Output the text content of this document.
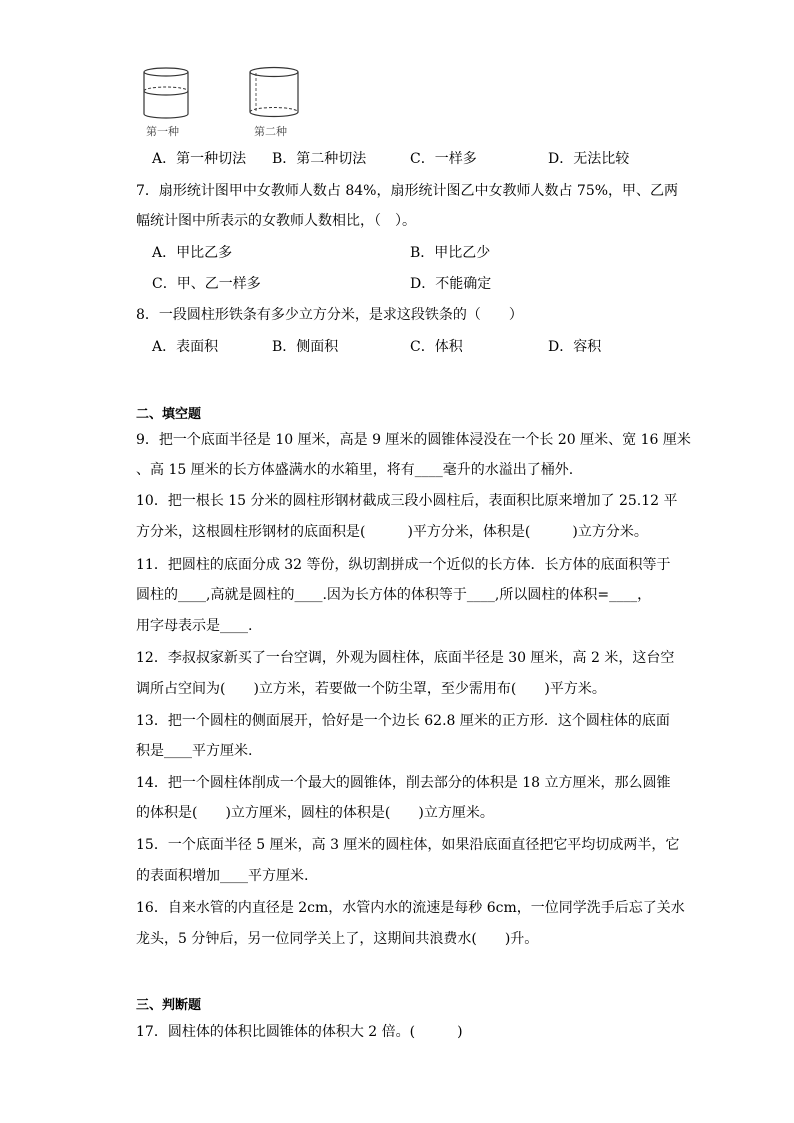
第一种	第二种
A．第一种切法 B．第二种切法	C．一样多	D．无法比较
7．扇形统计图甲中女教师人数占 84%，扇形统计图乙中女教师人数占 75%，甲、乙两
幅统计图中所表示的女教师人数相比，（　）。
A．甲比乙多	B．甲比乙少
C．甲、乙一样多	D．不能确定
8．一段圆柱形铁条有多少立方分米，是求这段铁条的（　　）
A．表面积	B．侧面积	C．体积	D．容积
二、填空题
9．把一个底面半径是 10 厘米，高是 9 厘米的圆锥体浸没在一个长 20 厘米、宽 16 厘米
、高 15 厘米的长方体盛满水的水箱里，将有____毫升的水溢出了桶外.
10．把一根长 15 分米的圆柱形钢材截成三段小圆柱后，表面积比原来增加了 25.12 平
方分米，这根圆柱形钢材的底面积是(　　　)平方分米，体积是(　　　)立方分米。
11．把圆柱的底面分成 32 等份，纵切割拼成一个近似的长方体．长方体的底面积等于
圆柱的____,高就是圆柱的____.因为长方体的体积等于____,所以圆柱的体积=____，
用字母表示是____.
12．李叔叔家新买了一台空调，外观为圆柱体，底面半径是 30 厘米，高 2 米，这台空
调所占空间为(　　)立方米，若要做一个防尘罩，至少需用布(　　)平方米。
13．把一个圆柱的侧面展开，恰好是一个边长 62.8 厘米的正方形．这个圆柱体的底面
积是____平方厘米.
14．把一个圆柱体削成一个最大的圆锥体，削去部分的体积是 18 立方厘米，那么圆锥
的体积是(　　)立方厘米，圆柱的体积是(　　)立方厘米。
15．一个底面半径 5 厘米，高 3 厘米的圆柱体，如果沿底面直径把它平均切成两半，它
的表面积增加____平方厘米.
16．自来水管的内直径是 2cm，水管内水的流速是每秒 6cm，一位同学洗手后忘了关水
龙头，5 分钟后，另一位同学关上了，这期间共浪费水(　　)升。
三、判断题
17．圆柱体的体积比圆锥体的体积大 2 倍。(　　　)
